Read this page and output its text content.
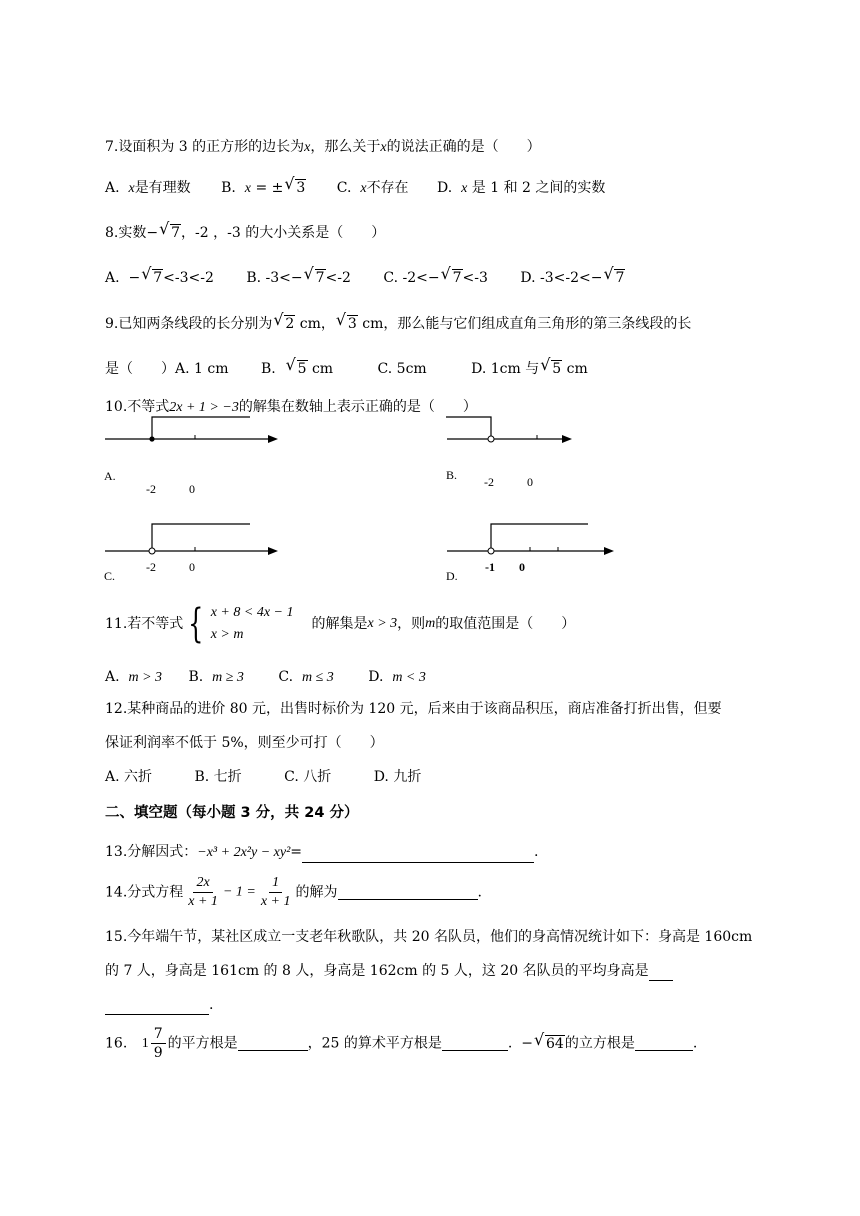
7.设面积为 3 的正方形的边长为x，那么关于x的说法正确的是（　　）
A. x是有理数 B. x = ± √ 3 C. x不存在 D. x 是 1 和 2 之间的实数
8.实数− √ 7，-2 ，-3 的大小关系是（　　）
A. − √ 7<-3<-2 B. -3<− √ 7<-2 C. -2<− √ 7<-3 D. -3<-2<− √ 7
9.已知两条线段的长分别为 √ 2 cm， √ 3 cm，那么能与它们组成直角三角形的第三条线段的长
是（　　）A. 1 cm B. √ 5 cm	C. 5cm	D. 1cm 与 √ 5 cm
10.不等式2x + 1 > −3的解集在数轴上表示正确的是（　　）
A.
-2	0
B. -2	0
C.
-2	0
D.
-1 0
11.若不等式 { x + 8 < 4x − 1
x > m
的解集是x > 3，则m的取值范围是（　　）
A. m > 3 B. m ≥ 3 C. m ≤ 3 D. m < 3
12.某种商品的进价 80 元，出售时标价为 120 元，后来由于该商品积压，商店准备打折出售，但要
保证利润率不低于 5%，则至少可打（　　）
A. 六折	B. 七折	C. 八折	D. 九折
二、填空题（每小题 3 分，共 24 分）
13.分解因式：−x³ + 2x²y − xy²=	.
14.分式方程 $\frac{2x}{x + 1} - 1 = \frac{1}{x + 1}$ 的解为	.
15.今年端午节，某社区成立一支老年秋歌队，共 20 名队员，他们的身高情况统计如下：身高是 160cm
的 7 人，身高是 161cm 的 8 人，身高是 162cm 的 5 人，这 20 名队员的平均身高是
.
16. $1 \frac{7}{9}$ 的平方根是	，25 的算术平方根是	. − √ 64的立方根是	.
